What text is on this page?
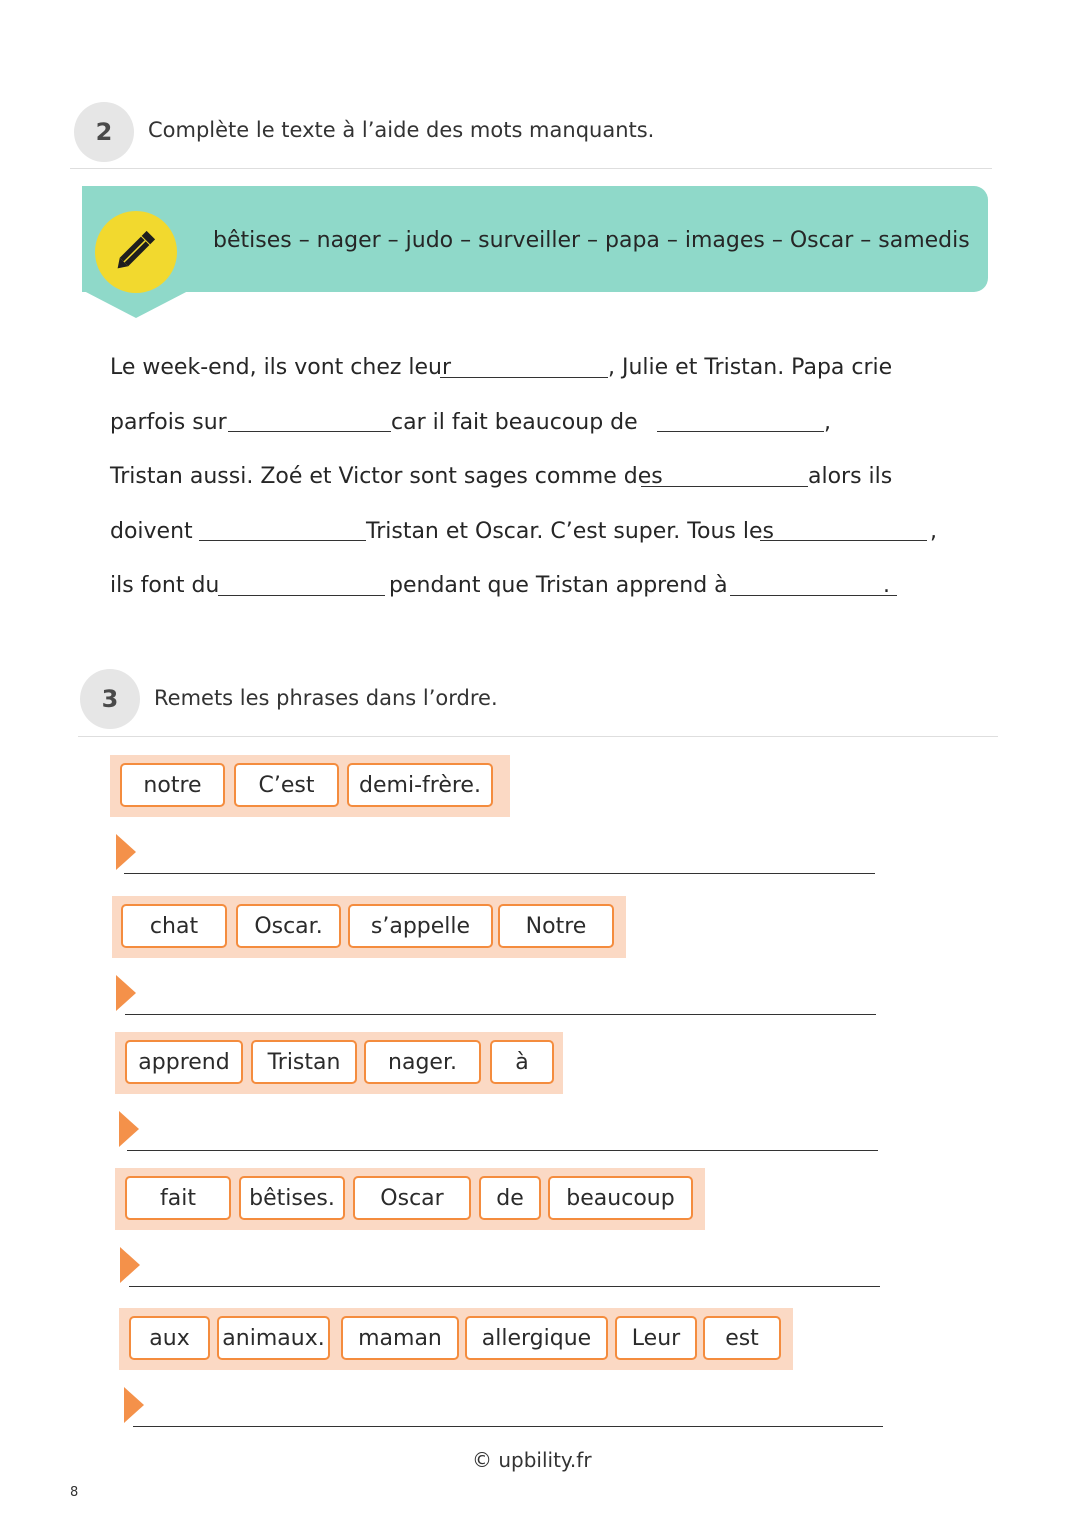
2	Complète le texte à l’aide des mots manquants.
bêtises – nager – judo – surveiller – papa – images – Oscar – samedis
Le week-end, ils vont chez leur	, Julie et Tristan. Papa crie
parfois sur	car il fait beaucoup de	,
Tristan aussi. Zoé et Victor sont sages comme des	alors ils
doivent	Tristan et Oscar. C’est super. Tous les	,
ils font du	pendant que Tristan apprend à	.
3	Remets les phrases dans l’ordre.
notre	C’est	demi-frère.
chat	Oscar.	s’appelle	Notre
apprend	Tristan	nager.	à
fait	bêtises.	Oscar	de	beaucoup
aux	animaux.	maman	allergique	Leur	est
© upbility.fr
8
